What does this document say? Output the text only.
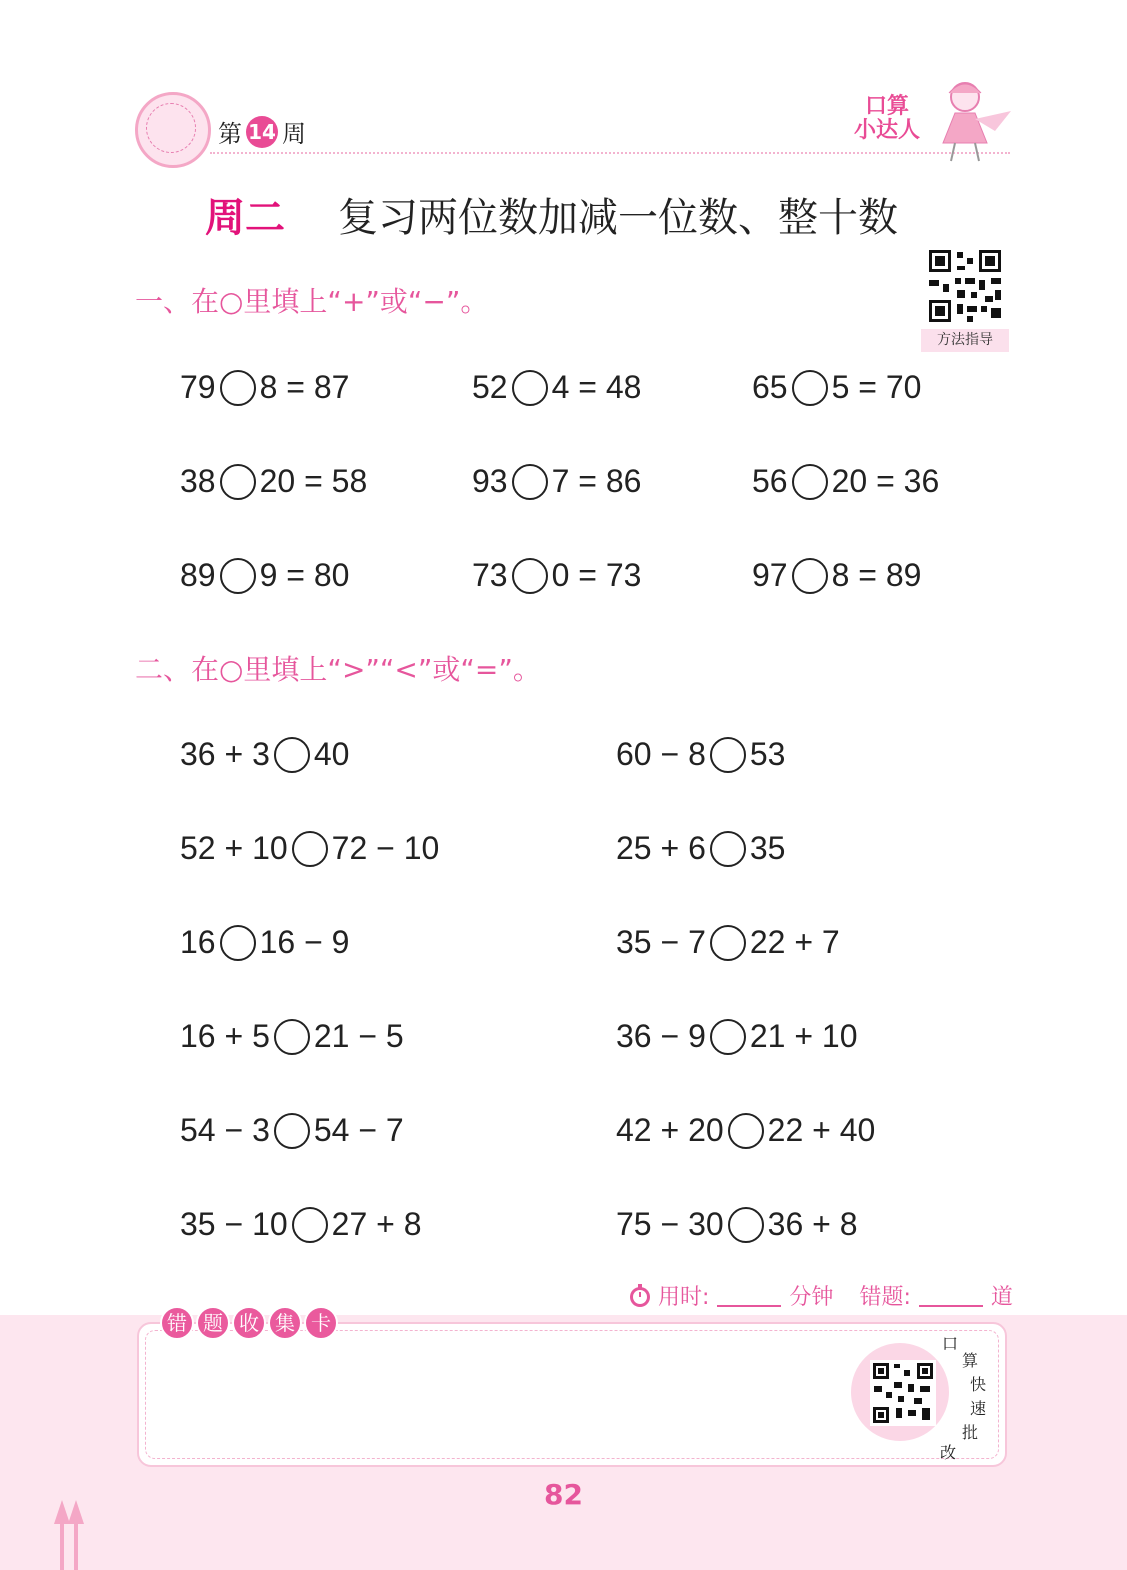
第 14 周
口算
小达人
周二 复习两位数加减一位数、整十数
方法指导
一、在○里填上“+”或“−”。
79 8 = 87	52 4 = 48	65 5 = 70
38 20 = 58	93 7 = 86	56 20 = 36
89 9 = 80	73 0 = 73	97 8 = 89
二、在○里填上“>”“<”或“=”。
36 + 3 40	60 − 8 53
52 + 10 72 − 10	25 + 6 35
16 16 − 9	35 − 7 22 + 7
16 + 5 21 − 5	36 − 9 21 + 10
54 − 3 54 − 7	42 + 20 22 + 40
35 − 10 27 + 8	75 − 30 36 + 8
用时:	分钟 错题:	道
错 题 收 集 卡
口
算
快
速
批
改
82
